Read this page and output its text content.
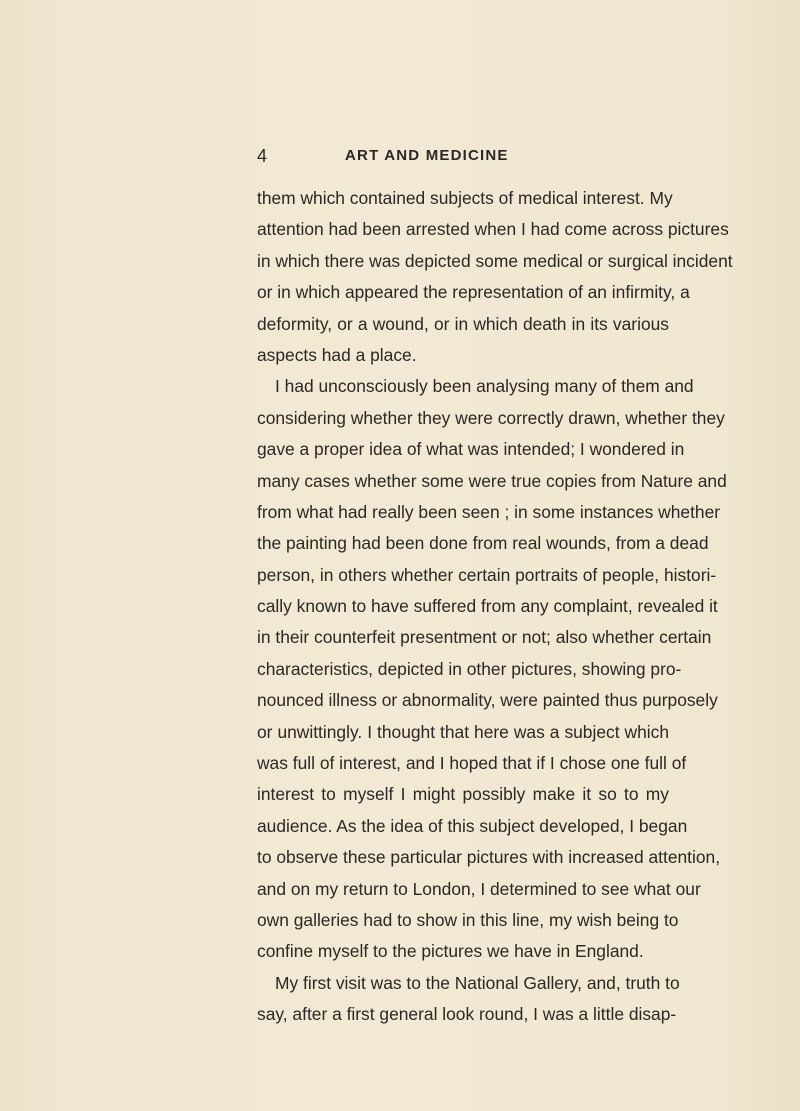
4	ART AND MEDICINE
them which contained subjects of medical interest. My
attention had been arrested when I had come across pictures
in which there was depicted some medical or surgical incident
or in which appeared the representation of an infirmity, a
deformity, or a wound, or in which death in its various
aspects had a place.
I had unconsciously been analysing many of them and
considering whether they were correctly drawn, whether they
gave a proper idea of what was intended; I wondered in
many cases whether some were true copies from Nature and
from what had really been seen ; in some instances whether
the painting had been done from real wounds, from a dead
person, in others whether certain portraits of people, histori-
cally known to have suffered from any complaint, revealed it
in their counterfeit presentment or not; also whether certain
characteristics, depicted in other pictures, showing pro-
nounced illness or abnormality, were painted thus purposely
or unwittingly. I thought that here was a subject which
was full of interest, and I hoped that if I chose one full of
interest to myself I might possibly make it so to my
audience. As the idea of this subject developed, I began
to observe these particular pictures with increased attention,
and on my return to London, I determined to see what our
own galleries had to show in this line, my wish being to
confine myself to the pictures we have in England.
My first visit was to the National Gallery, and, truth to
say, after a first general look round, I was a little disap-
